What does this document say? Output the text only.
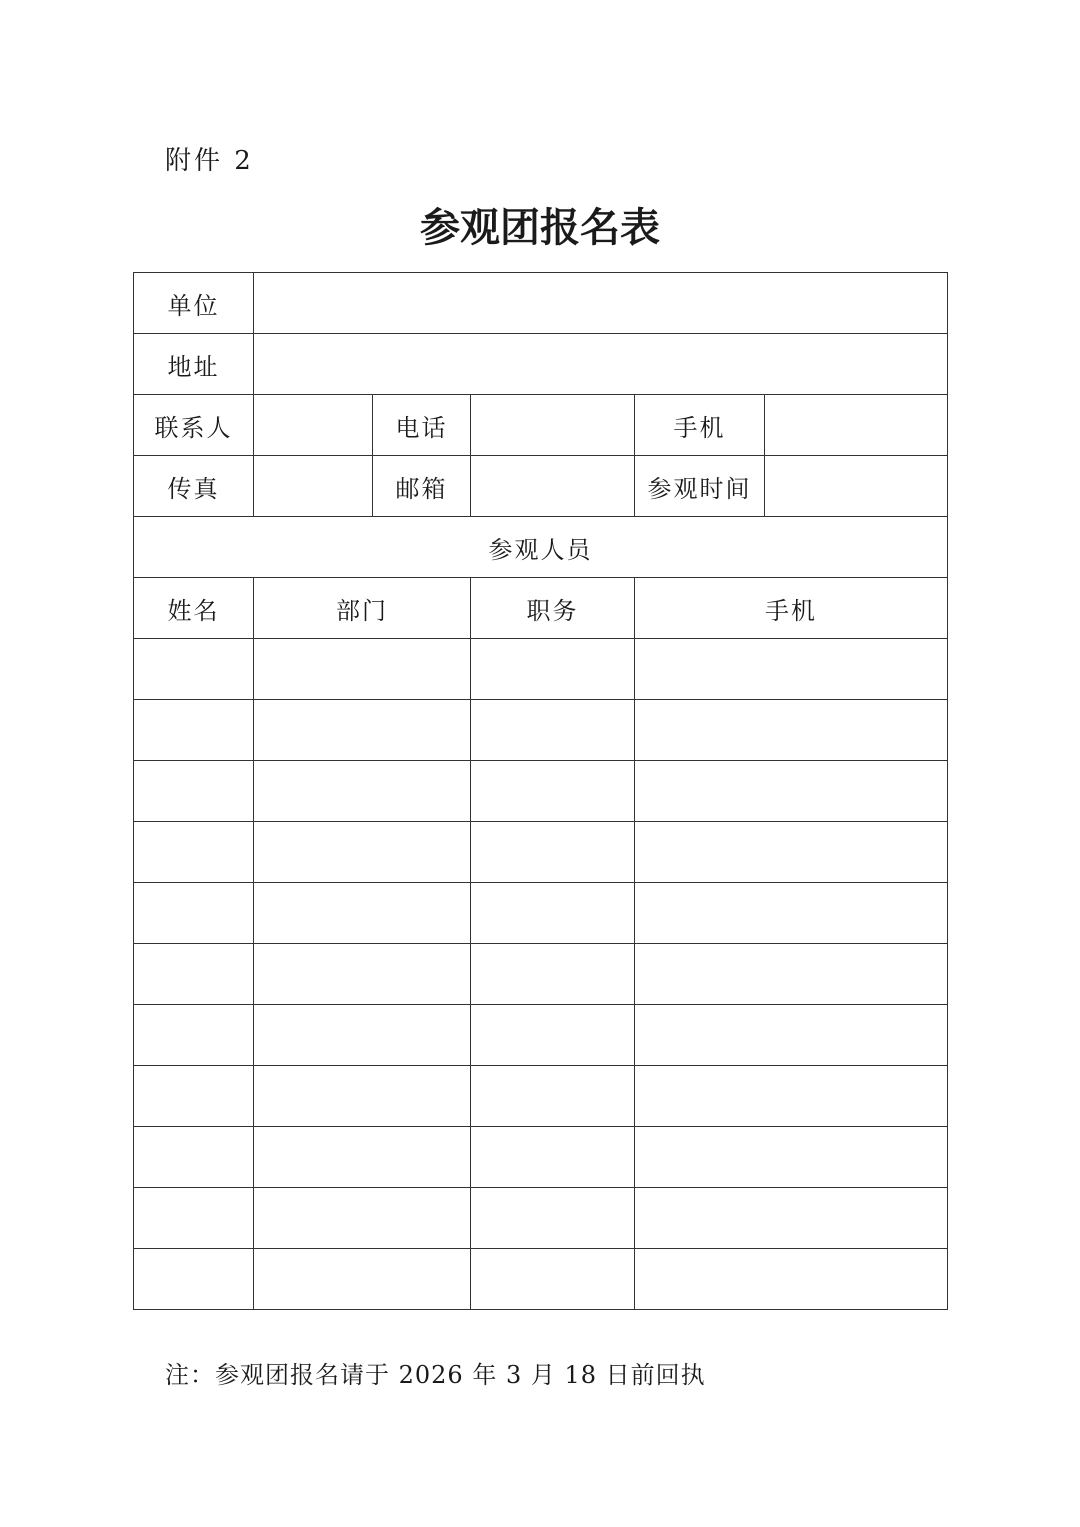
附件 2
参观团报名表
单位					
地址					
联系人		电话		手机	
传真		邮箱		参观时间	
参观人员					
姓名	部门		职务	手机	

注：参观团报名请于 2026 年 3 月 18 日前回执
